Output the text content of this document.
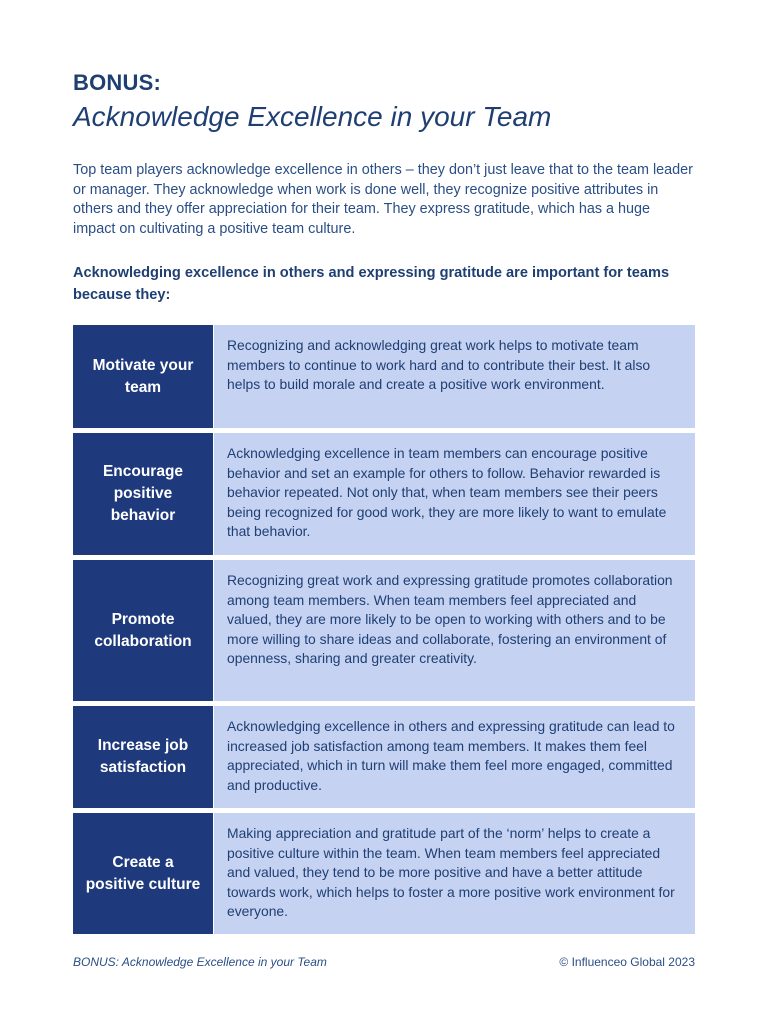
BONUS:
Acknowledge Excellence in your Team

Top team players acknowledge excellence in others – they don’t just leave that to the team leader or manager. They acknowledge when work is done well, they recognize positive attributes in others and they offer appreciation for their team. They express gratitude, which has a huge impact on cultivating a positive team culture.

Acknowledging excellence in others and expressing gratitude are important for teams because they:

Motivate your team
Recognizing and acknowledging great work helps to motivate team members to continue to work hard and to contribute their best. It also helps to build morale and create a positive work environment.
Encourage positive behavior
Acknowledging excellence in team members can encourage positive behavior and set an example for others to follow. Behavior rewarded is behavior repeated. Not only that, when team members see their peers being recognized for good work, they are more likely to want to emulate that behavior.
Promote collaboration
Recognizing great work and expressing gratitude promotes collaboration among team members. When team members feel appreciated and valued, they are more likely to be open to working with others and to be more willing to share ideas and collaborate, fostering an environment of openness, sharing and greater creativity.
Increase job satisfaction
Acknowledging excellence in others and expressing gratitude can lead to increased job satisfaction among team members. It makes them feel appreciated, which in turn will make them feel more engaged, committed and productive.
Create a positive culture
Making appreciation and gratitude part of the ‘norm’ helps to create a positive culture within the team. When team members feel appreciated and valued, they tend to be more positive and have a better attitude towards work, which helps to foster a more positive work environment for everyone.
BONUS: Acknowledge Excellence in your Team	© Influenceo Global 2023
